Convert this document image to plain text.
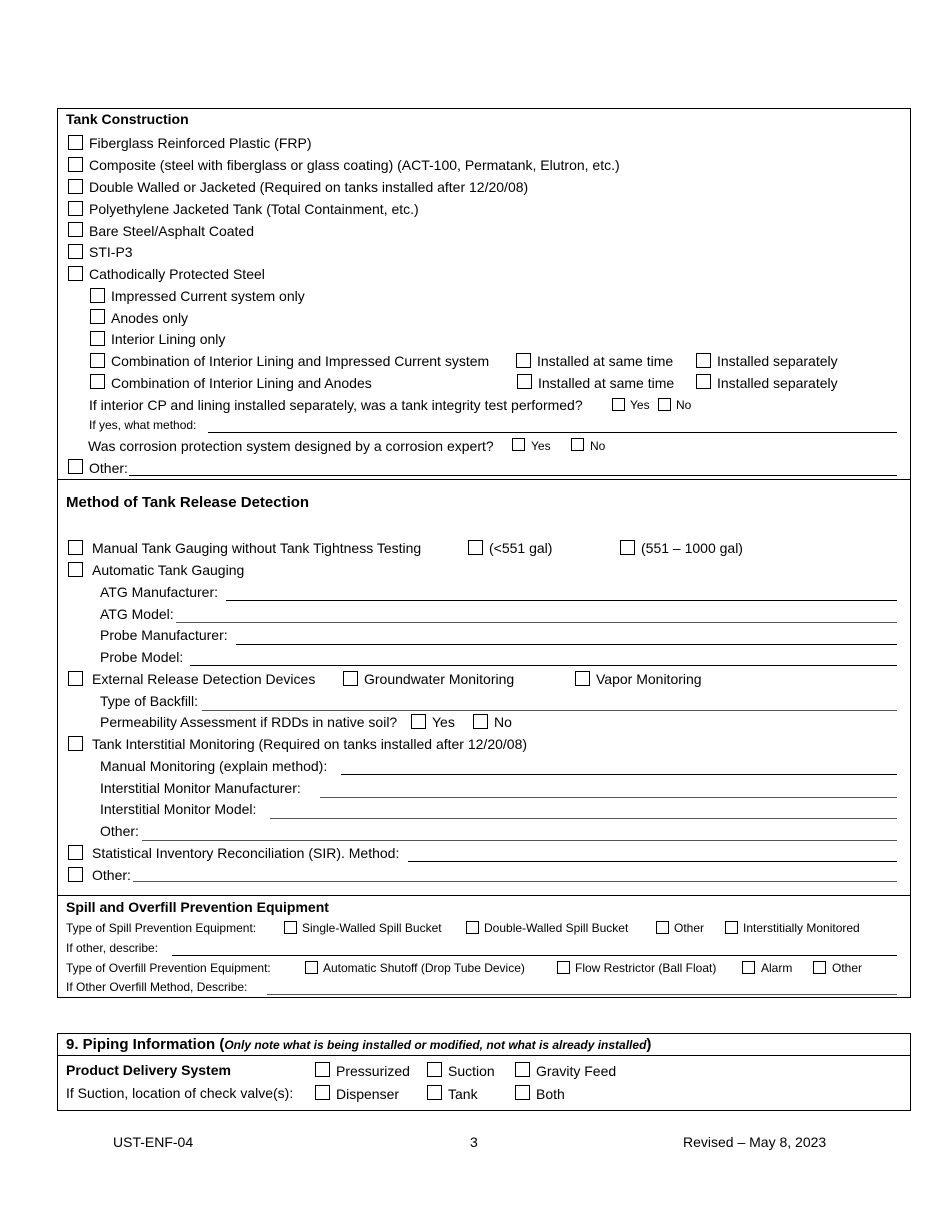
Tank Construction
Fiberglass Reinforced Plastic (FRP)
Composite (steel with fiberglass or glass coating) (ACT-100, Permatank, Elutron, etc.)
Double Walled or Jacketed (Required on tanks installed after 12/20/08)
Polyethylene Jacketed Tank (Total Containment, etc.)
Bare Steel/Asphalt Coated
STI-P3
Cathodically Protected Steel
Impressed Current system only
Anodes only
Interior Lining only
Combination of Interior Lining and Impressed Current system	Installed at same time	Installed separately
Combination of Interior Lining and Anodes	Installed at same time	Installed separately
If interior CP and lining installed separately, was a tank integrity test performed?	Yes No
If yes, what method:
Was corrosion protection system designed by a corrosion expert?	Yes	No
Other:
Method of Tank Release Detection
Manual Tank Gauging without Tank Tightness Testing	(<551 gal)	(551 – 1000 gal)
Automatic Tank Gauging
ATG Manufacturer:
ATG Model:
Probe Manufacturer:
Probe Model:
External Release Detection Devices	Groundwater Monitoring	Vapor Monitoring
Type of Backfill:
Permeability Assessment if RDDs in native soil? Yes	No
Tank Interstitial Monitoring (Required on tanks installed after 12/20/08)
Manual Monitoring (explain method):
Interstitial Monitor Manufacturer:
Interstitial Monitor Model:
Other:
Statistical Inventory Reconciliation (SIR). Method:
Other:
Spill and Overfill Prevention Equipment
Type of Spill Prevention Equipment:	Single-Walled Spill Bucket	Double-Walled Spill Bucket	Other	Interstitially Monitored
If other, describe:
Type of Overfill Prevention Equipment:	Automatic Shutoff (Drop Tube Device)	Flow Restrictor (Ball Float)	Alarm	Other
If Other Overfill Method, Describe:
9. Piping Information (Only note what is being installed or modified, not what is already installed)
Product Delivery System	Pressurized	Suction	Gravity Feed
If Suction, location of check valve(s):	Dispenser	Tank	Both
UST-ENF-04	3	Revised – May 8, 2023
